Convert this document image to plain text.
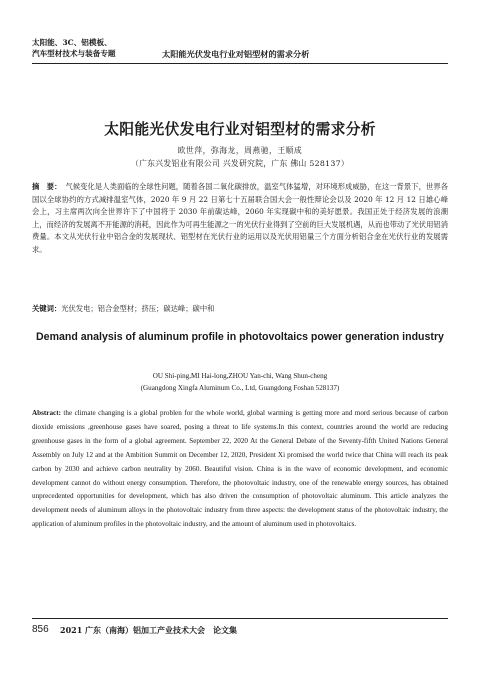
太阳能、3C、铝模板、
汽车型材技术与装备专题	太阳能光伏发电行业对铝型材的需求分析
太阳能光伏发电行业对铝型材的需求分析
欧世萍，弥海龙，周燕驰，王顺成
（广东兴发铝业有限公司 兴发研究院，广东 佛山 528137）
摘　要： 气候变化是人类面临的全球性问题，随着各国二氧化碳排放，温室气体猛增，对环境形成威胁，在这一背景下，世界各国以全球协约的方式减排温室气体，2020 年 9 月 22 日第七十五届联合国大会一般性辩论会以及 2020 年 12 月 12 日雄心峰会上，习主席两次向全世界许下了中国将于 2030 年前碳达峰，2060 年实现碳中和的美好愿景。我国正处于经济发展的浪潮上，而经济的发展离不开能源的消耗，因此作为可再生能源之一的光伏行业得到了空前的巨大发展机遇，从而也带动了光伏用铝消费量。本文从光伏行业中铝合金的发展现状、铝型材在光伏行业的运用以及光伏用铝量三个方面分析铝合金在光伏行业的发展需求。
关键词：光伏发电；铝合金型材；挤压；碳达峰；碳中和
Demand analysis of aluminum profile in photovoltaics power generation industry
OU Shi-ping,MI Hai-long,ZHOU Yan-chi, Wang Shun-cheng
(Guangdong Xingfa Aluminum Co., Ltd, Guangdong Foshan 528137)
Abstract: the climate changing is a global problen for the whole world, global warming is getting more and mord serious because of carbon dioxide emissions ,greenhouse gases have soared, posing a threat to life systems.In this context, countries around the world are reducing greenhouse gases in the form of a global agreement. September 22, 2020 At the General Debate of the Seventy-fifth United Nations General Assembly on July 12 and at the Ambition Summit on December 12, 2020, President Xi promised the world twice that China will reach its peak carbon by 2030 and achieve carbon neutrality by 2060. Beautiful vision. China is in the wave of economic development, and economic development cannot do without energy consumption. Therefore, the photovoltaic industry, one of the renewable energy sources, has obtained unprecedented opportunities for development, which has also driven the consumption of photovoltaic aluminum. This article analyzes the development needs of aluminum alloys in the photovoltaic industry from three aspects: the development status of the photovoltaic industry, the application of aluminum profiles in the photovoltaic industry, and the amount of aluminum used in photovoltaics.
856 2021 广东（南海）铝加工产业技术大会　论文集
